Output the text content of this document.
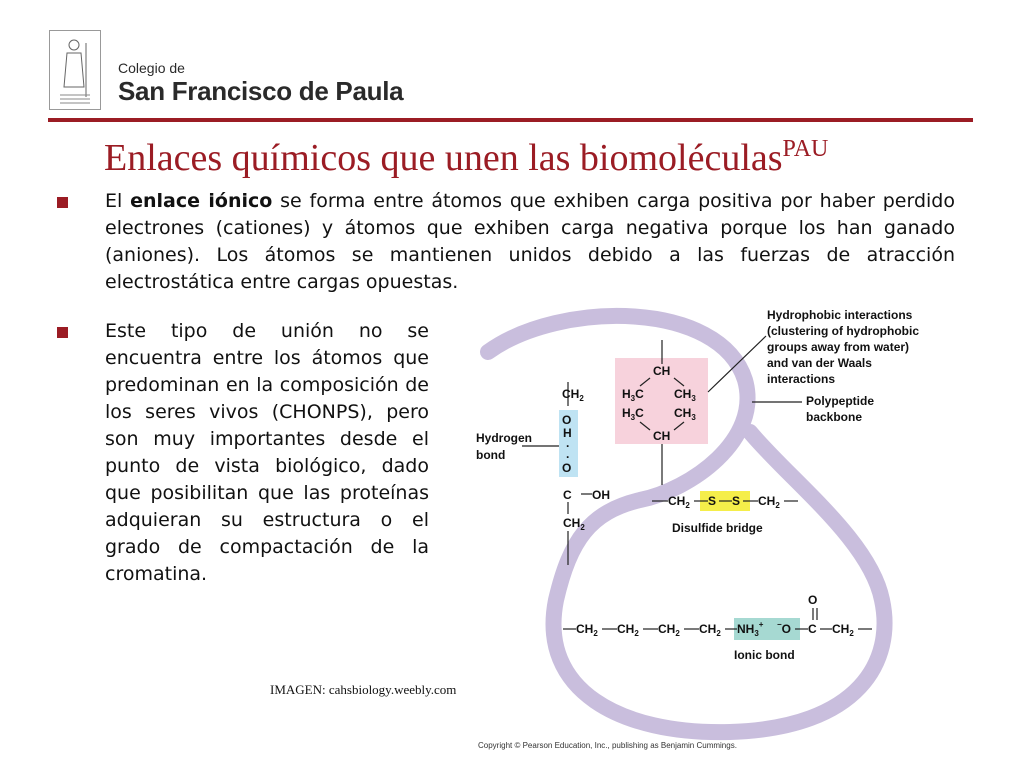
Colegio de
San Francisco de Paula
Enlaces químicos que unen las biomoléculas$^{PAU}$
El enlace iónico se forma entre átomos que exhiben carga positiva por haber perdido electrones (cationes) y átomos que exhiben carga negativa porque los han ganado (aniones). Los átomos se mantienen unidos debido a las fuerzas de atracción electrostática entre cargas opuestas.
Este tipo de unión no se encuentra entre los átomos que predominan en la composición de los seres vivos (CHONPS), pero son muy importantes desde el punto de vista biológico, dado que posibilitan que las proteínas adquieran su estructura o el grado de compactación de la cromatina.
$CH_2$
O
H
·
·
O
C OH
$CH_2$
CH
$H_3C$	$CH_3$
$H_3C$	$CH_3$
CH
$CH_2$ S S $CH_2$
Disulfide bridge
$CH_2$ $CH_2$ $CH_2$ $CH_2$ $NH_3^+$ −O C
O
$CH_2$
Ionic bond
Hydrophobic interactions
(clustering of hydrophobic
groups away from water)
and van der Waals
interactions
Polypeptide
backbone
Hydrogen
bond
IMAGEN: cahsbiology.weebly.com
Copyright © Pearson Education, Inc., publishing as Benjamin Cummings.
